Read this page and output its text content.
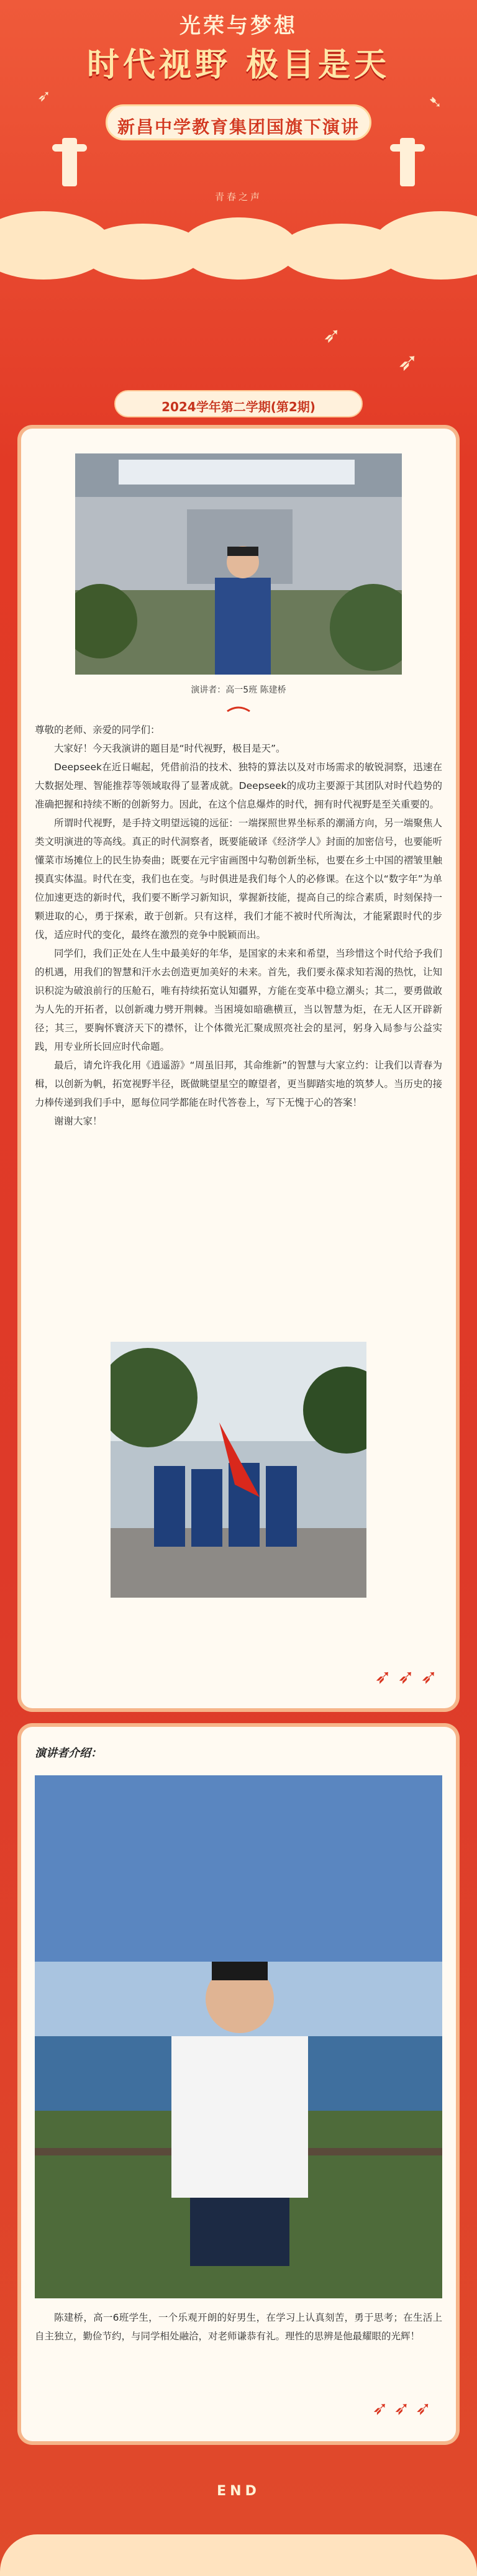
光荣与梦想
时代视野 极目是天
新昌中学教育集团国旗下演讲
➶	➷
青春之声
➶
➶
2024学年第二学期(第2期)
演讲者：高一5班 陈建桥

尊敬的老师、亲爱的同学们：

大家好！今天我演讲的题目是“时代视野，极目是天”。

Deepseek在近日崛起，凭借前沿的技术、独特的算法以及对市场需求的敏锐洞察，迅速在大数据处理、智能推荐等领域取得了显著成就。Deepseek的成功主要源于其团队对时代趋势的准确把握和持续不断的创新努力。因此，在这个信息爆炸的时代，拥有时代视野是至关重要的。

所谓时代视野，是手持文明望远镜的远征：一端探照世界坐标系的潮涌方向，另一端聚焦人类文明演进的等高线。真正的时代洞察者，既要能破译《经济学人》封面的加密信号，也要能听懂菜市场摊位上的民生协奏曲；既要在元宇宙画图中勾勒创新坐标，也要在乡土中国的褶皱里触摸真实体温。时代在变，我们也在变。与时俱进是我们每个人的必修课。在这个以“数字年”为单位加速更迭的新时代，我们要不断学习新知识，掌握新技能，提高自己的综合素质，时刻保持一颗进取的心，勇于探索，敢于创新。只有这样，我们才能不被时代所淘汰，才能紧跟时代的步伐，适应时代的变化，最终在激烈的竞争中脱颖而出。

同学们，我们正处在人生中最美好的年华，是国家的未来和希望，当珍惜这个时代给予我们的机遇，用我们的智慧和汗水去创造更加美好的未来。首先，我们要永葆求知若渴的热忱，让知识积淀为破浪前行的压舱石，唯有持续拓宽认知疆界，方能在变革中稳立潮头；其二，要勇做敢为人先的开拓者，以创新魂力劈开荆棘。当困境如暗礁横亘，当以智慧为炬，在无人区开辟新径；其三，要胸怀寰济天下的襟怀，让个体微光汇聚成照亮社会的星河，躬身入局参与公益实践，用专业所长回应时代命题。

最后，请允许我化用《逍遥游》“周虽旧邦，其命维新”的智慧与大家立约：让我们以青春为楫，以创新为帆，拓宽视野半径，既做眺望星空的瞭望者，更当脚踏实地的筑梦人。当历史的接力棒传递到我们手中，愿每位同学都能在时代答卷上，写下无愧于心的答案！

谢谢大家！

➶ ➶ ➶
演讲者介绍：
陈建桥，高一6班学生，一个乐观开朗的好男生，在学习上认真刻苦，勇于思考；在生活上自主独立，勤俭节约，与同学相处融洽，对老师谦恭有礼。理性的思辨是他最耀眼的光辉！
➶ ➶ ➶
END
